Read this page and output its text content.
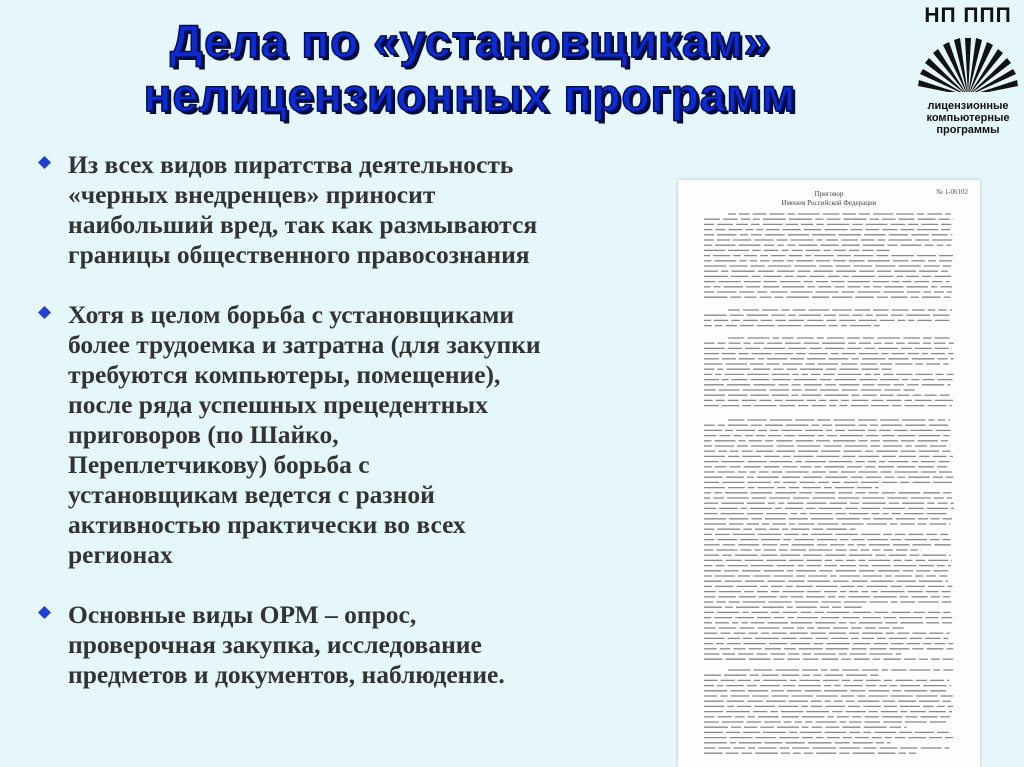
Дела по «установщикам»
нелицензионных программ
НП ППП
лицензионные
компьютерные
программы
Из всех видов пиратства деятельность
«черных внедренцев» приносит
наибольший вред, так как размываются
границы общественного правосознания
Хотя в целом борьба с установщиками
более трудоемка и затратна (для закупки
требуются компьютеры, помещение),
после ряда успешных прецедентных
приговоров (по Шайко,
Переплетчикову) борьба с
установщикам ведется с разной
активностью практически во всех
регионах
Основные виды ОРМ – опрос,
проверочная закупка, исследование
предметов и документов, наблюдение.
№ 1-06102
Приговор
Именем Российской Федерации
